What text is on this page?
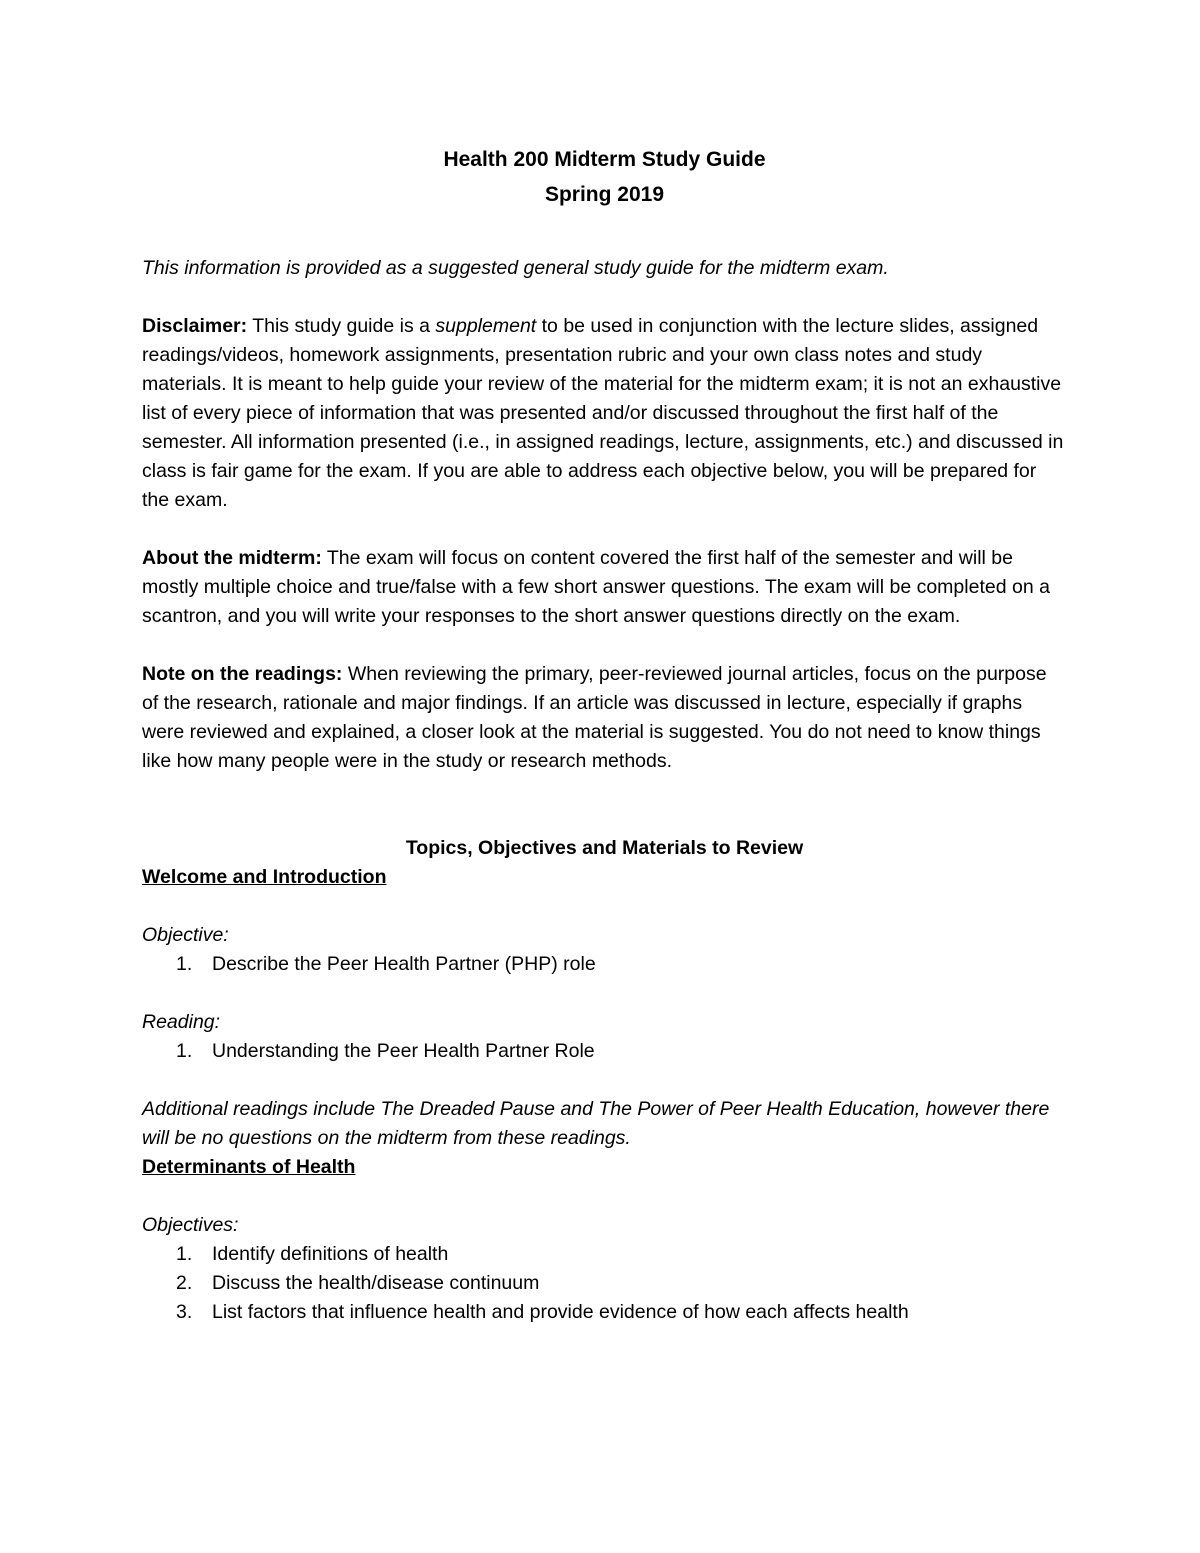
Health 200 Midterm Study Guide

Spring 2019

This information is provided as a suggested general study guide for the midterm exam.

Disclaimer: This study guide is a supplement to be used in conjunction with the lecture slides, assigned readings/videos, homework assignments, presentation rubric and your own class notes and study materials. It is meant to help guide your review of the material for the midterm exam; it is not an exhaustive list of every piece of information that was presented and/or discussed throughout the first half of the semester. All information presented (i.e., in assigned readings, lecture, assignments, etc.) and discussed in class is fair game for the exam. If you are able to address each objective below, you will be prepared for the exam.

About the midterm: The exam will focus on content covered the first half of the semester and will be mostly multiple choice and true/false with a few short answer questions. The exam will be completed on a scantron, and you will write your responses to the short answer questions directly on the exam.

Note on the readings: When reviewing the primary, peer-reviewed journal articles, focus on the purpose of the research, rationale and major findings. If an article was discussed in lecture, especially if graphs were reviewed and explained, a closer look at the material is suggested. You do not need to know things like how many people were in the study or research methods.

Topics, Objectives and Materials to Review

Welcome and Introduction

Objective:

1. Describe the Peer Health Partner (PHP) role

Reading:

1. Understanding the Peer Health Partner Role

Additional readings include The Dreaded Pause and The Power of Peer Health Education, however there will be no questions on the midterm from these readings.

Determinants of Health

Objectives:

1. Identify definitions of health
2. Discuss the health/disease continuum
3. List factors that influence health and provide evidence of how each affects health
